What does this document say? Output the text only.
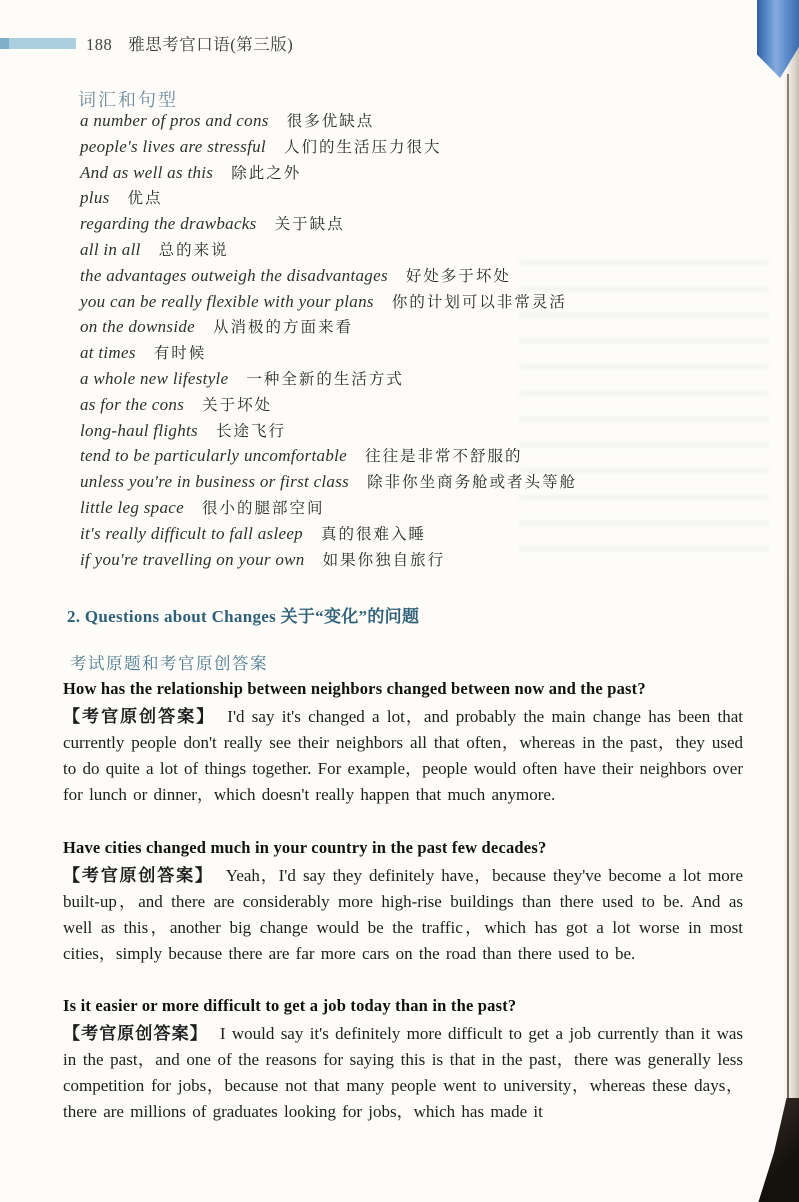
188 雅思考官口语(第三版)
词汇和句型
a number of pros and cons 很多优缺点
people's lives are stressful 人们的生活压力很大
And as well as this 除此之外
plus 优点
regarding the drawbacks 关于缺点
all in all 总的来说
the advantages outweigh the disadvantages 好处多于坏处
you can be really flexible with your plans 你的计划可以非常灵活
on the downside 从消极的方面来看
at times 有时候
a whole new lifestyle 一种全新的生活方式
as for the cons 关于坏处
long-haul flights 长途飞行
tend to be particularly uncomfortable 往往是非常不舒服的
unless you're in business or first class 除非你坐商务舱或者头等舱
little leg space 很小的腿部空间
it's really difficult to fall asleep 真的很难入睡
if you're travelling on your own 如果你独自旅行
2. Questions about Changes 关于“变化”的问题
考试原题和考官原创答案
How has the relationship between neighbors changed between now and the past?

【考官原创答案】 I'd say it's changed a lot，and probably the main change has been that currently people don't really see their neighbors all that often，whereas in the past，they used to do quite a lot of things together. For example，people would often have their neighbors over for lunch or dinner，which doesn't really happen that much anymore.

Have cities changed much in your country in the past few decades?

【考官原创答案】 Yeah，I'd say they definitely have，because they've become a lot more built-up，and there are considerably more high-rise buildings than there used to be. And as well as this，another big change would be the traffic，which has got a lot worse in most cities，simply because there are far more cars on the road than there used to be.

Is it easier or more difficult to get a job today than in the past?

【考官原创答案】 I would say it's definitely more difficult to get a job currently than it was in the past，and one of the reasons for saying this is that in the past，there was generally less competition for jobs，because not that many people went to university，whereas these days，there are millions of graduates looking for jobs，which has made it
